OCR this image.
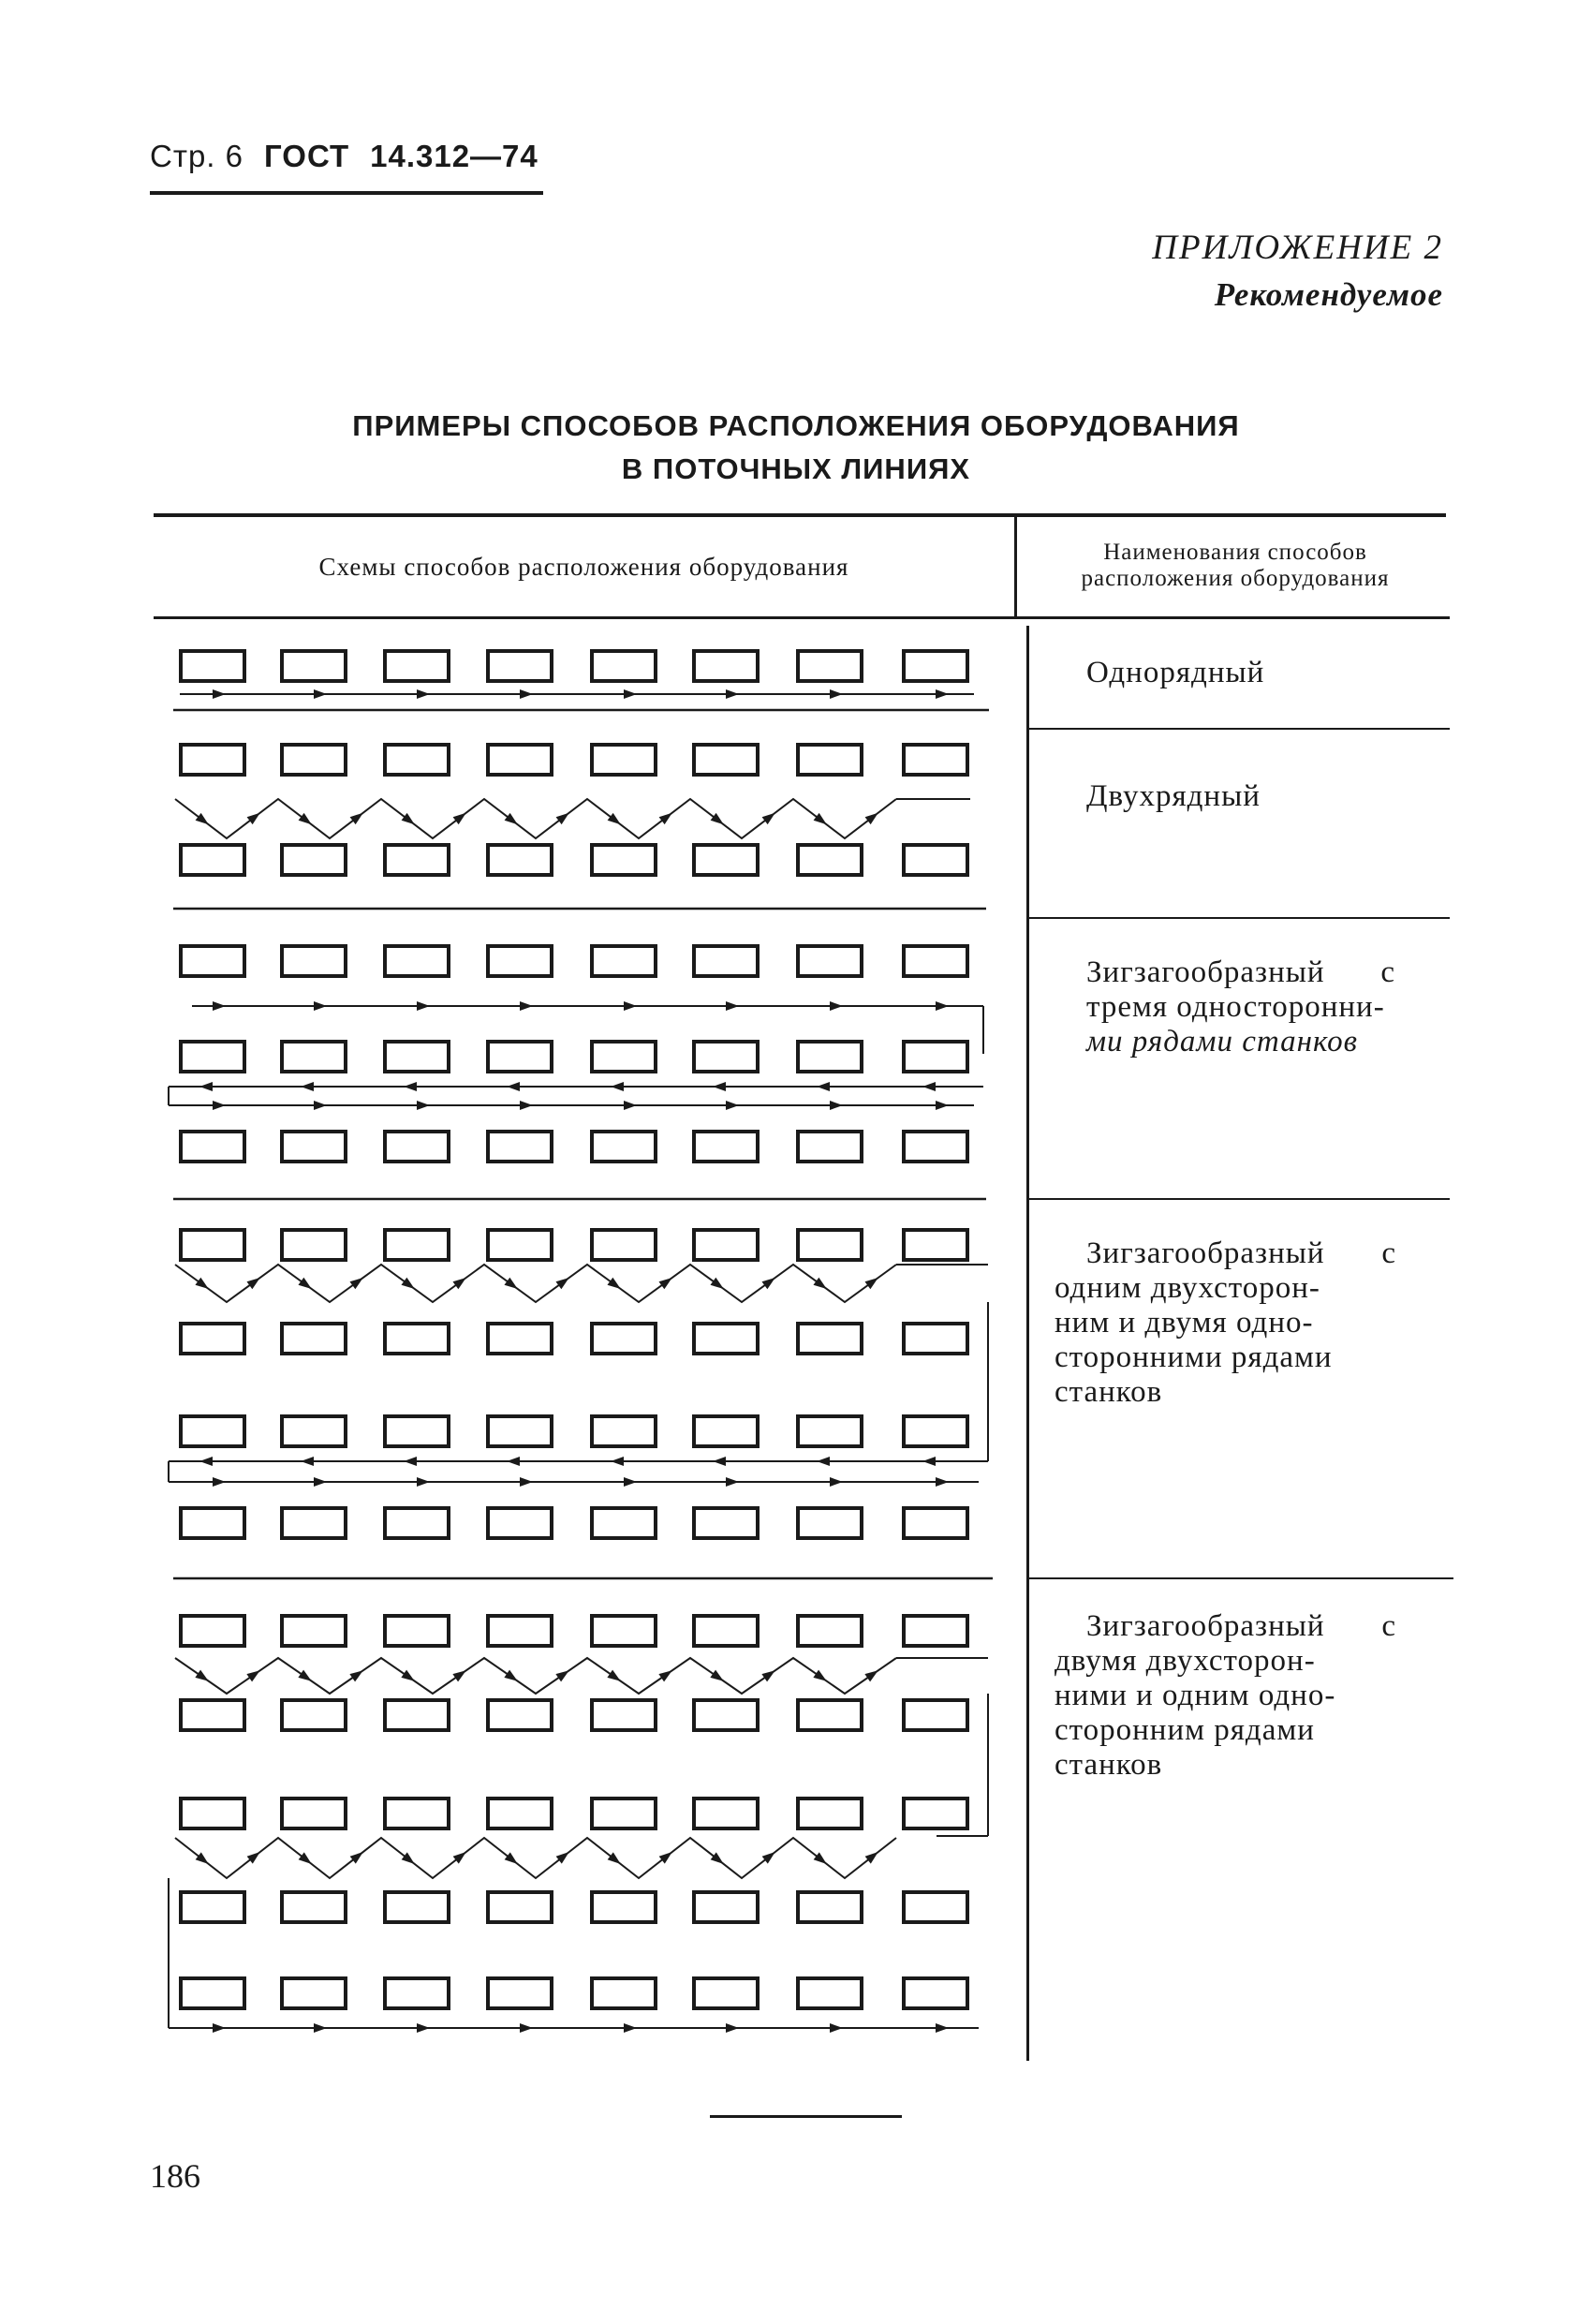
Стр. 6 ГОСТ 14.312—74
ПРИЛОЖЕНИЕ 2
Рекомендуемое
ПРИМЕРЫ СПОСОБОВ РАСПОЛОЖЕНИЯ ОБОРУДОВАНИЯ
В ПОТОЧНЫХ ЛИНИЯХ
Схемы способов расположения оборудования
Наименования способов
расположения оборудования
Однорядный
Двухрядный
Зигзагообразный с
тремя односторонни-
ми рядами станков
Зигзагообразный с
одним двухсторон-
ним и двумя одно-
сторонними рядами
станков
Зигзагообразный с
двумя двухсторон-
ними и одним одно-
сторонним рядами
станков
186
